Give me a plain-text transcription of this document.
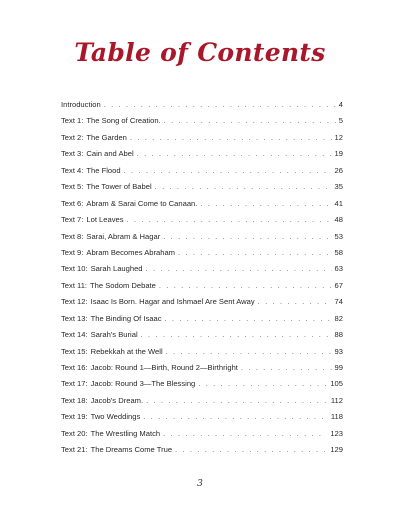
Table of Contents
Introduction . . .	4
Text 1: The Song of Creation. . . .	5
Text 2: The Garden . . .	12
Text 3: Cain and Abel . . .	19
Text 4: The Flood . . .	26
Text 5: The Tower of Babel . . .	35
Text 6: Abram & Sarai Come to Canaan. . . .	41
Text 7: Lot Leaves . . .	48
Text 8: Sarai, Abram & Hagar . . .	53
Text 9: Abram Becomes Abraham . . .	58
Text 10: Sarah Laughed . . .	63
Text 11: The Sodom Debate . . .	67
Text 12: Isaac Is Born. Hagar and Ishmael Are Sent Away . . .	74
Text 13: The Binding Of Isaac . . .	82
Text 14: Sarah's Burial . . .	88
Text 15: Rebekkah at the Well . . .	93
Text 16: Jacob: Round 1—Birth, Round 2—Birthright . . .	99
Text 17: Jacob: Round 3—The Blessing . . .	105
Text 18: Jacob's Dream. . . .	112
Text 19: Two Weddings . . .	118
Text 20: The Wrestling Match . . .	123
Text 21: The Dreams Come True . . .	129
3
